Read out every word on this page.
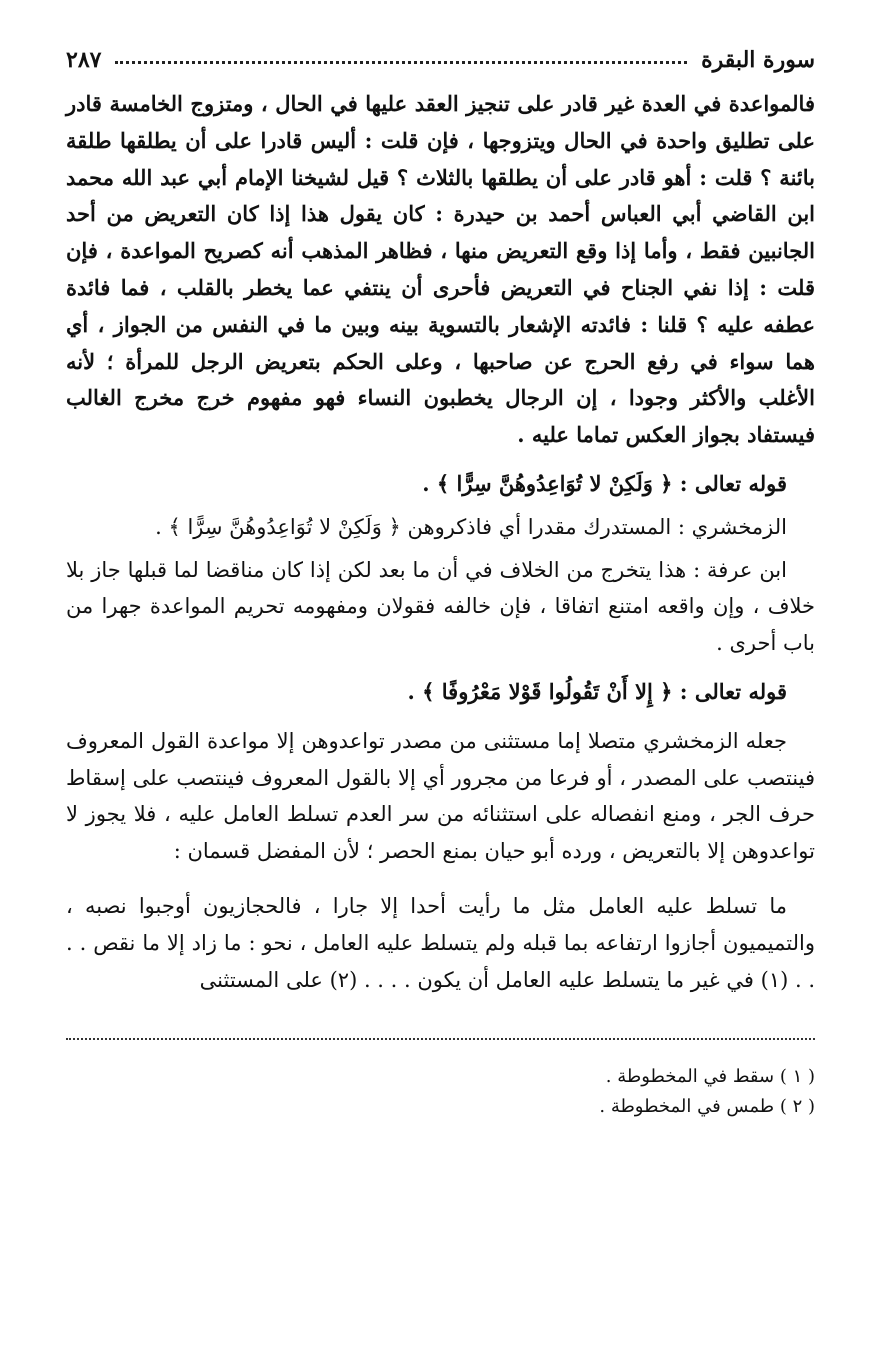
سورة البقرة
٢٨٧

فالمواعدة في العدة غير قادر على تنجيز العقد عليها في الحال ، ومتزوج الخامسة قادر على تطليق واحدة في الحال ويتزوجها ، فإن قلت : أليس قادرا على أن يطلقها طلقة بائنة ؟ قلت : أهو قادر على أن يطلقها بالثلاث ؟ قيل لشيخنا الإمام أبي عبد الله محمد ابن القاضي أبي العباس أحمد بن حيدرة : كان يقول هذا إذا كان التعريض من أحد الجانبين فقط ، وأما إذا وقع التعريض منها ، فظاهر المذهب أنه كصريح المواعدة ، فإن قلت : إذا نفي الجناح في التعريض فأحرى أن ينتفي عما يخطر بالقلب ، فما فائدة عطفه عليه ؟ قلنا : فائدته الإشعار بالتسوية بينه وبين ما في النفس من الجواز ، أي هما سواء في رفع الحرج عن صاحبها ، وعلى الحكم بتعريض الرجل للمرأة ؛ لأنه الأغلب والأكثر وجودا ، إن الرجال يخطبون النساء فهو مفهوم خرج مخرج الغالب فيستفاد بجواز العكس تماما عليه .

قوله تعالى : ﴿ وَلَكِنْ لا تُوَاعِدُوهُنَّ سِرًّا ﴾ .

الزمخشري : المستدرك مقدرا أي فاذكروهن ﴿ وَلَكِنْ لا تُوَاعِدُوهُنَّ سِرًّا ﴾ .

ابن عرفة : هذا يتخرج من الخلاف في أن ما بعد لكن إذا كان مناقضا لما قبلها جاز بلا خلاف ، وإن واقعه امتنع اتفاقا ، فإن خالفه فقولان ومفهومه تحريم المواعدة جهرا من باب أحرى .

قوله تعالى : ﴿ إِلا أَنْ تَقُولُوا قَوْلا مَعْرُوفًا ﴾ .

جعله الزمخشري متصلا إما مستثنى من مصدر تواعدوهن إلا مواعدة القول المعروف فينتصب على المصدر ، أو فرعا من مجرور أي إلا بالقول المعروف فينتصب على إسقاط حرف الجر ، ومنع انفصاله على استثنائه من سر العدم تسلط العامل عليه ، فلا يجوز لا تواعدوهن إلا بالتعريض ، ورده أبو حيان بمنع الحصر ؛ لأن المفضل قسمان :

ما تسلط عليه العامل مثل ما رأيت أحدا إلا جارا ، فالحجازيون أوجبوا نصبه ، والتميميون أجازوا ارتفاعه بما قبله ولم يتسلط عليه العامل ، نحو : ما زاد إلا ما نقص . . . . (١) في غير ما يتسلط عليه العامل أن يكون . . . . (٢) على المستثنى

( ١ ) سقط في المخطوطة .
( ٢ ) طمس في المخطوطة .
